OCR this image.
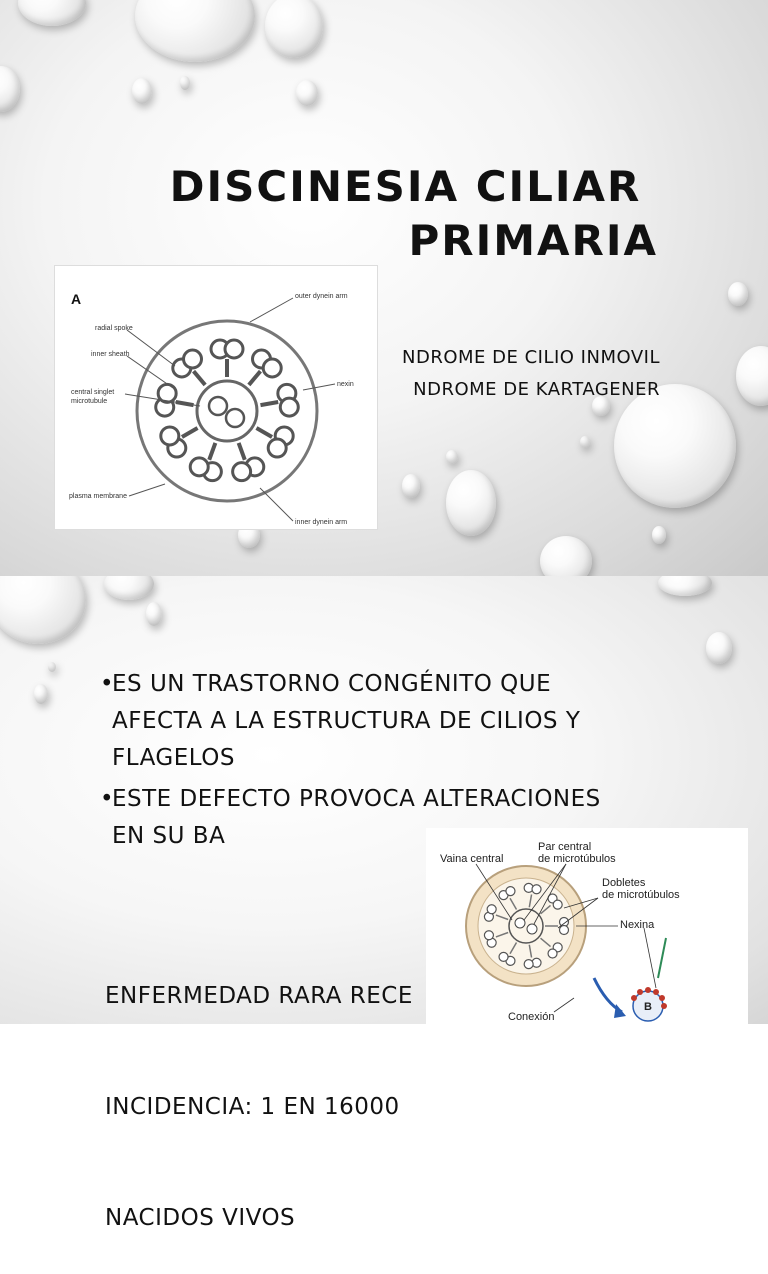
DISCINESIA CILIAR
PRIMARIA
NDROME DE CILIO INMOVIL
NDROME DE KARTAGENER
A	outer dynein arm
radial spoke
inner sheath
central singlet
microtubule
nexin
plasma membrane
inner dynein arm
•
ES UN TRASTORNO CONGÉNITO QUE AFECTA A LA ESTRUCTURA DE CILIOS Y FLAGELOS
•
ESTE DEFECTO PROVOCA ALTERACIONES EN SU BA

ENFERMEDAD RARA RECE

INCIDENCIA: 1 EN 16000

NACIDOS VIVOS

Vaina central
Par central
de microtúbulos
Dobletes
de microtúbulos
Nexina
Conexión
B
